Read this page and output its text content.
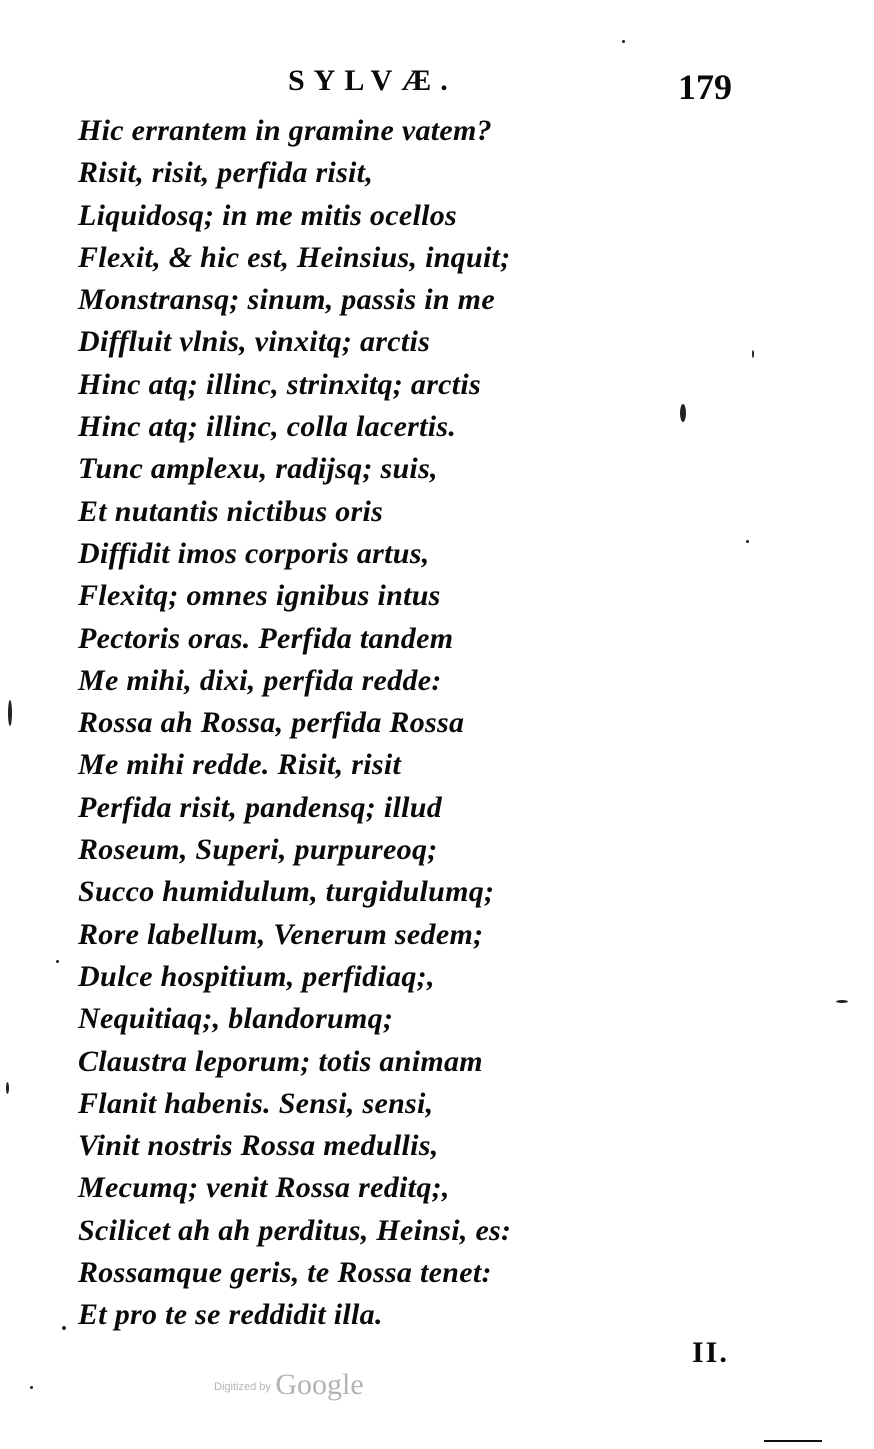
SYLVÆ.	179
Hic errantem in gramine vatem?
Risit, risit, perfida risit,
Liquidosq; in me mitis ocellos
Flexit, & hic est, Heinsius, inquit;
Monstransq; sinum, passis in me
Diffluit vlnis, vinxitq; arctis
Hinc atq; illinc, strinxitq; arctis
Hinc atq; illinc, colla lacertis.
Tunc amplexu, radijsq; suis,
Et nutantis nictibus oris
Diffidit imos corporis artus,
Flexitq; omnes ignibus intus
Pectoris oras. Perfida tandem
Me mihi, dixi, perfida redde:
Rossa ah Rossa, perfida Rossa
Me mihi redde. Risit, risit
Perfida risit, pandensq; illud
Roseum, Superi, purpureoq;
Succo humidulum, turgidulumq;
Rore labellum, Venerum sedem;
Dulce hospitium, perfidiaq;,
Nequitiaq;, blandorumq;
Claustra leporum; totis animam
Flanit habenis. Sensi, sensi,
Vinit nostris Rossa medullis,
Mecumq; venit Rossa reditq;,
Scilicet ah ah perditus, Heinsi, es:
Rossamque geris, te Rossa tenet:
Et pro te se reddidit illa.
II.
$^{Digitized by}$ Google
